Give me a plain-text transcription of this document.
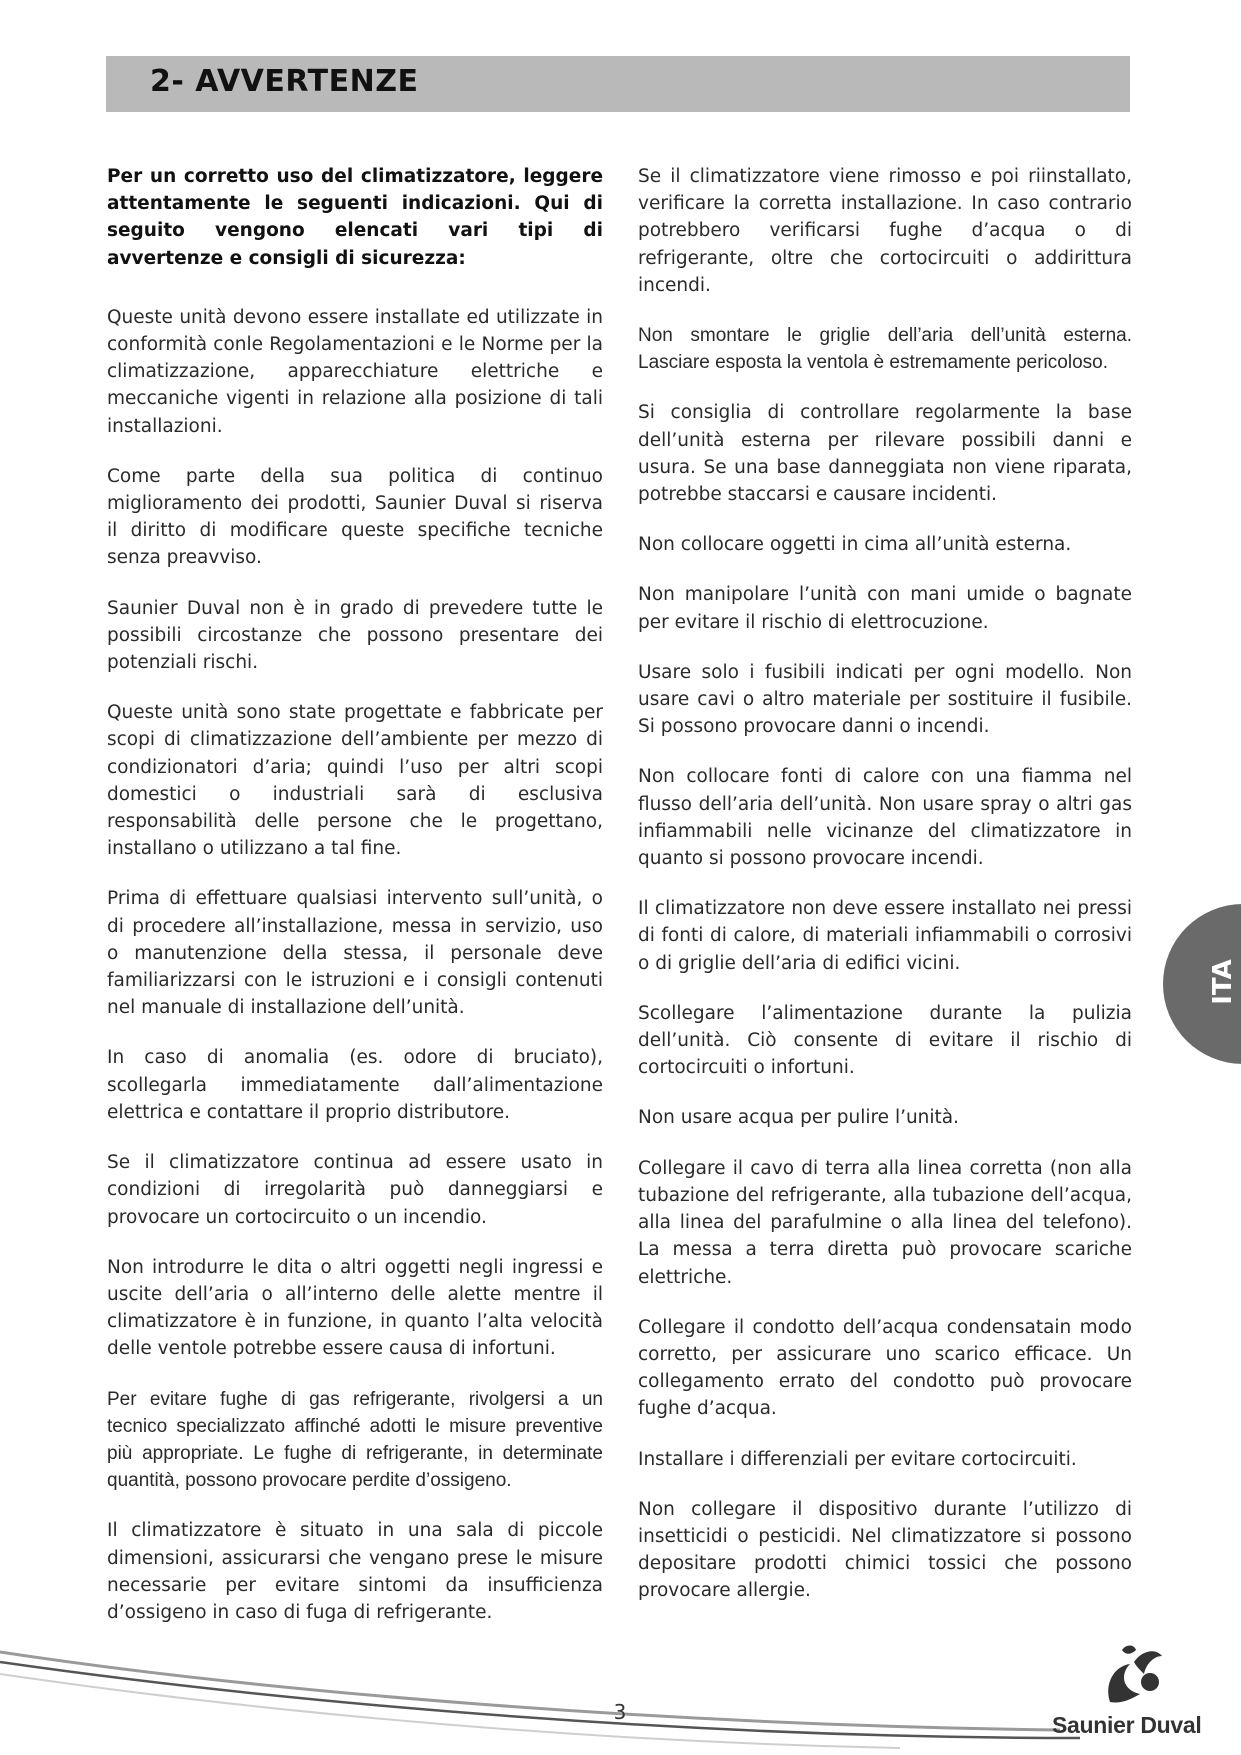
2- AVVERTENZE

Per un corretto uso del climatizzatore, leggere attentamente le seguenti indicazioni. Qui di seguito vengono elencati vari tipi di avvertenze e consigli di sicurezza:

Queste unità devono essere installate ed utilizzate in conformità conle Regolamentazioni e le Norme per la climatizzazione, apparecchiature elettriche e meccaniche vigenti in relazione alla posizione di tali installazioni.

Come parte della sua politica di continuo miglioramento dei prodotti, Saunier Duval si riserva il diritto di modificare queste specifiche tecniche senza preavviso.

Saunier Duval non è in grado di prevedere tutte le possibili circostanze che possono presentare dei potenziali rischi.

Queste unità sono state progettate e fabbricate per scopi di climatizzazione dell’ambiente per mezzo di condizionatori d’aria; quindi l’uso per altri scopi domestici o industriali sarà di esclusiva responsabilità delle persone che le progettano, installano o utilizzano a tal fine.

Prima di effettuare qualsiasi intervento sull’unità, o di procedere all’installazione, messa in servizio, uso o manutenzione della stessa, il personale deve familiarizzarsi con le istruzioni e i consigli contenuti nel manuale di installazione dell’unità.

In caso di anomalia (es. odore di bruciato), scollegarla immediatamente dall’alimentazione elettrica e contattare il proprio distributore.

Se il climatizzatore continua ad essere usato in condizioni di irregolarità può danneggiarsi e provocare un cortocircuito o un incendio.

Non introdurre le dita o altri oggetti negli ingressi e uscite dell’aria o all’interno delle alette mentre il climatizzatore è in funzione, in quanto l’alta velocità delle ventole potrebbe essere causa di infortuni.

Per evitare fughe di gas refrigerante, rivolgersi a un tecnico specializzato affinché adotti le misure preventive più appropriate. Le fughe di refrigerante, in determinate quantità, possono provocare perdite d’ossigeno.

Il climatizzatore è situato in una sala di piccole dimensioni, assicurarsi che vengano prese le misure necessarie per evitare sintomi da insufficienza d’ossigeno in caso di fuga di refrigerante.

Se il climatizzatore viene rimosso e poi riinstallato, verificare la corretta installazione. In caso contrario potrebbero verificarsi fughe d’acqua o di refrigerante, oltre che cortocircuiti o addirittura incendi.

Non smontare le griglie dell’aria dell’unità esterna. Lasciare esposta la ventola è estremamente pericoloso.

Si consiglia di controllare regolarmente la base dell’unità esterna per rilevare possibili danni e usura. Se una base danneggiata non viene riparata, potrebbe staccarsi e causare incidenti.

Non collocare oggetti in cima all’unità esterna.

Non manipolare l’unità con mani umide o bagnate per evitare il rischio di elettrocuzione.

Usare solo i fusibili indicati per ogni modello. Non usare cavi o altro materiale per sostituire il fusibile. Si possono provocare danni o incendi.

Non collocare fonti di calore con una fiamma nel flusso dell’aria dell’unità. Non usare spray o altri gas infiammabili nelle vicinanze del climatizzatore in quanto si possono provocare incendi.

Il climatizzatore non deve essere installato nei pressi di fonti di calore, di materiali infiammabili o corrosivi o di griglie dell’aria di edifici vicini.

Scollegare l’alimentazione durante la pulizia dell’unità. Ciò consente di evitare il rischio di cortocircuiti o infortuni.

Non usare acqua per pulire l’unità.

Collegare il cavo di terra alla linea corretta (non alla tubazione del refrigerante, alla tubazione dell’acqua, alla linea del parafulmine o alla linea del telefono). La messa a terra diretta può provocare scariche elettriche.

Collegare il condotto dell’acqua condensatain modo corretto, per assicurare uno scarico efficace. Un collegamento errato del condotto può provocare fughe d’acqua.

Installare i differenziali per evitare cortocircuiti.

Non collegare il dispositivo durante l’utilizzo di insetticidi o pesticidi. Nel climatizzatore si possono depositare prodotti chimici tossici che possono provocare allergie.

ITA
3	Saunier Duval
